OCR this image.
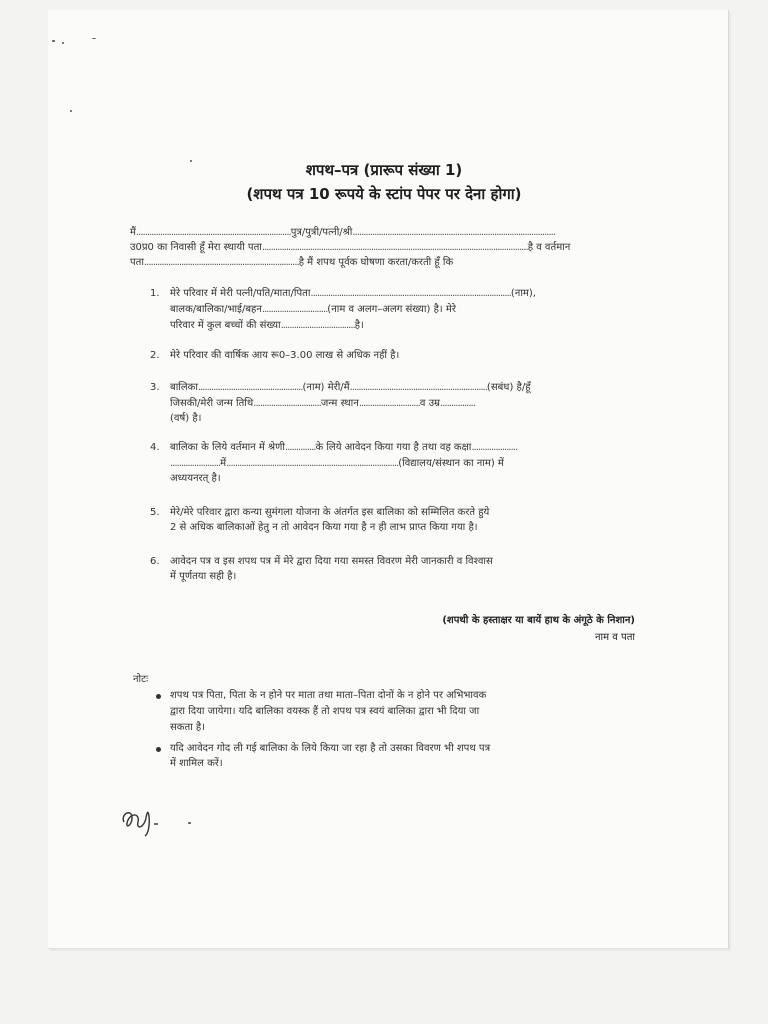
शपथ–पत्र (प्रारूप संख्या 1)
(शपथ पत्र 10 रूपये के स्टांप पेपर पर देना होगा)
मैं.......................................................................पुत्र/पुत्री/पत्नी/श्री.............................................................................................
उ0प्र0 का निवासी हूँ मेरा स्थायी पता..........................................................................................................................है व वर्तमान
पता.......................................................................है मैं शपथ पूर्वक घोषणा करता/करती हूँ कि
1. मेरे परिवार में मेरी पत्नी/पति/माता/पिता............................................................................................(नाम),
बालक/बालिका/भाई/बहन..............................(नाम व अलग–अलग संख्या) है। मेरे
परिवार में कुल बच्चों की संख्या..................................है।
2. मेरे परिवार की वार्षिक आय रू0–3.00 लाख से अधिक नहीं है।
3. बालिका................................................(नाम) मेरी/मैं...............................................................(सबंध) है/हूँ
जिसकी/मेरी जन्म तिथि...............................जन्म स्थान............................व उम्र................
(वर्ष) है।
4. बालिका के लिये वर्तमान में श्रेणी..............के लिये आवेदन किया गया है तथा वह कक्षा.....................
.......................में...............................................................................(विद्यालय/संस्थान का नाम) में
अध्ययनरत् है।
5. मेरे/मेरे परिवार द्वारा कन्या सुमंगला योजना के अंतर्गत इस बालिका को सम्मिलित करते हुये
2 से अधिक बालिकाओं हेतु न तो आवेदन किया गया है न ही लाभ प्राप्त किया गया है।
6. आवेदन पत्र व इस शपथ पत्र में मेरे द्वारा दिया गया समस्त विवरण मेरी जानकारी व विश्वास
में पूर्णतया सही है।
(शपथी के हस्ताक्षर या बायें हाथ के अंगूठे के निशान)
नाम व पता
नोटः
शपथ पत्र पिता, पिता के न होने पर माता तथा माता–पिता दोनों के न होने पर अभिभावक
द्वारा दिया जायेगा। यदि बालिका वयस्क हैं तो शपथ पत्र स्वयं बालिका द्वारा भी दिया जा
सकता है।
यदि आवेदन गोद ली गई बालिका के लिये किया जा रहा है तो उसका विवरण भी शपथ पत्र
में शामिल करें।
